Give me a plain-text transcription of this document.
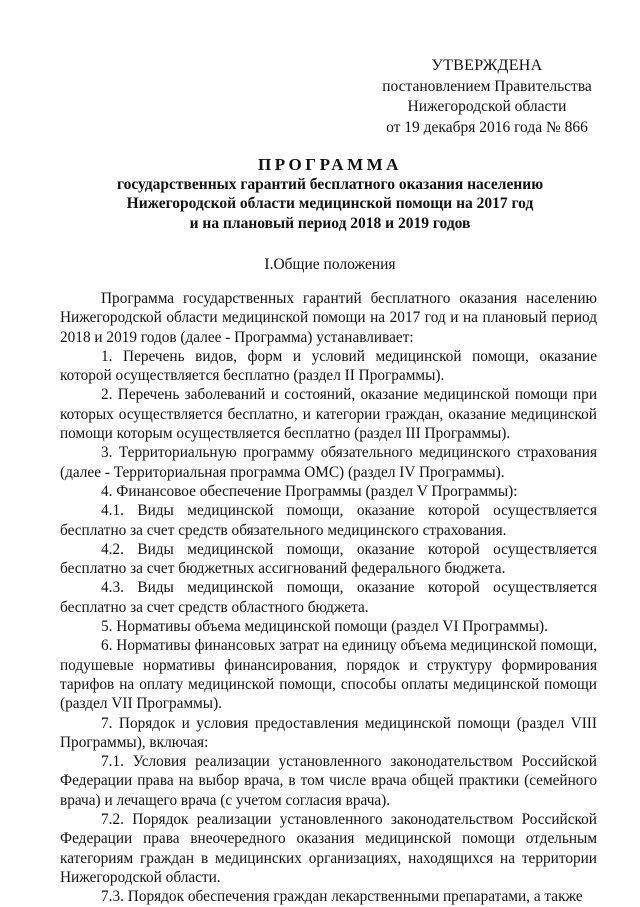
УТВЕРЖДЕНА
постановлением Правительства
Нижегородской области
от 19 декабря 2016 года № 866
ПРОГРАММА
государственных гарантий бесплатного оказания населению
Нижегородской области медицинской помощи на 2017 год
и на плановый период 2018 и 2019 годов
I.Общие положения

Программа государственных гарантий бесплатного оказания населению Нижегородской области медицинской помощи на 2017 год и на плановый период 2018 и 2019 годов (далее - Программа) устанавливает:

1. Перечень видов, форм и условий медицинской помощи, оказание которой осуществляется бесплатно (раздел II Программы).

2. Перечень заболеваний и состояний, оказание медицинской помощи при которых осуществляется бесплатно, и категории граждан, оказание медицинской помощи которым осуществляется бесплатно (раздел III Программы).

3. Территориальную программу обязательного медицинского страхования (далее - Территориальная программа ОМС) (раздел IV Программы).

4. Финансовое обеспечение Программы (раздел V Программы):

4.1. Виды медицинской помощи, оказание которой осуществляется бесплатно за счет средств обязательного медицинского страхования.

4.2. Виды медицинской помощи, оказание которой осуществляется бесплатно за счет бюджетных ассигнований федерального бюджета.

4.3. Виды медицинской помощи, оказание которой осуществляется бесплатно за счет средств областного бюджета.

5. Нормативы объема медицинской помощи (раздел VI Программы).

6. Нормативы финансовых затрат на единицу объема медицинской помощи, подушевые нормативы финансирования, порядок и структуру формирования тарифов на оплату медицинской помощи, способы оплаты медицинской помощи (раздел VII Программы).

7. Порядок и условия предоставления медицинской помощи (раздел VIII Программы), включая:

7.1. Условия реализации установленного законодательством Российской Федерации права на выбор врача, в том числе врача общей практики (семейного врача) и лечащего врача (с учетом согласия врача).

7.2. Порядок реализации установленного законодательством Российской Федерации права внеочередного оказания медицинской помощи отдельным категориям граждан в медицинских организациях, находящихся на территории Нижегородской области.

7.3. Порядок обеспечения граждан лекарственными препаратами, а также
